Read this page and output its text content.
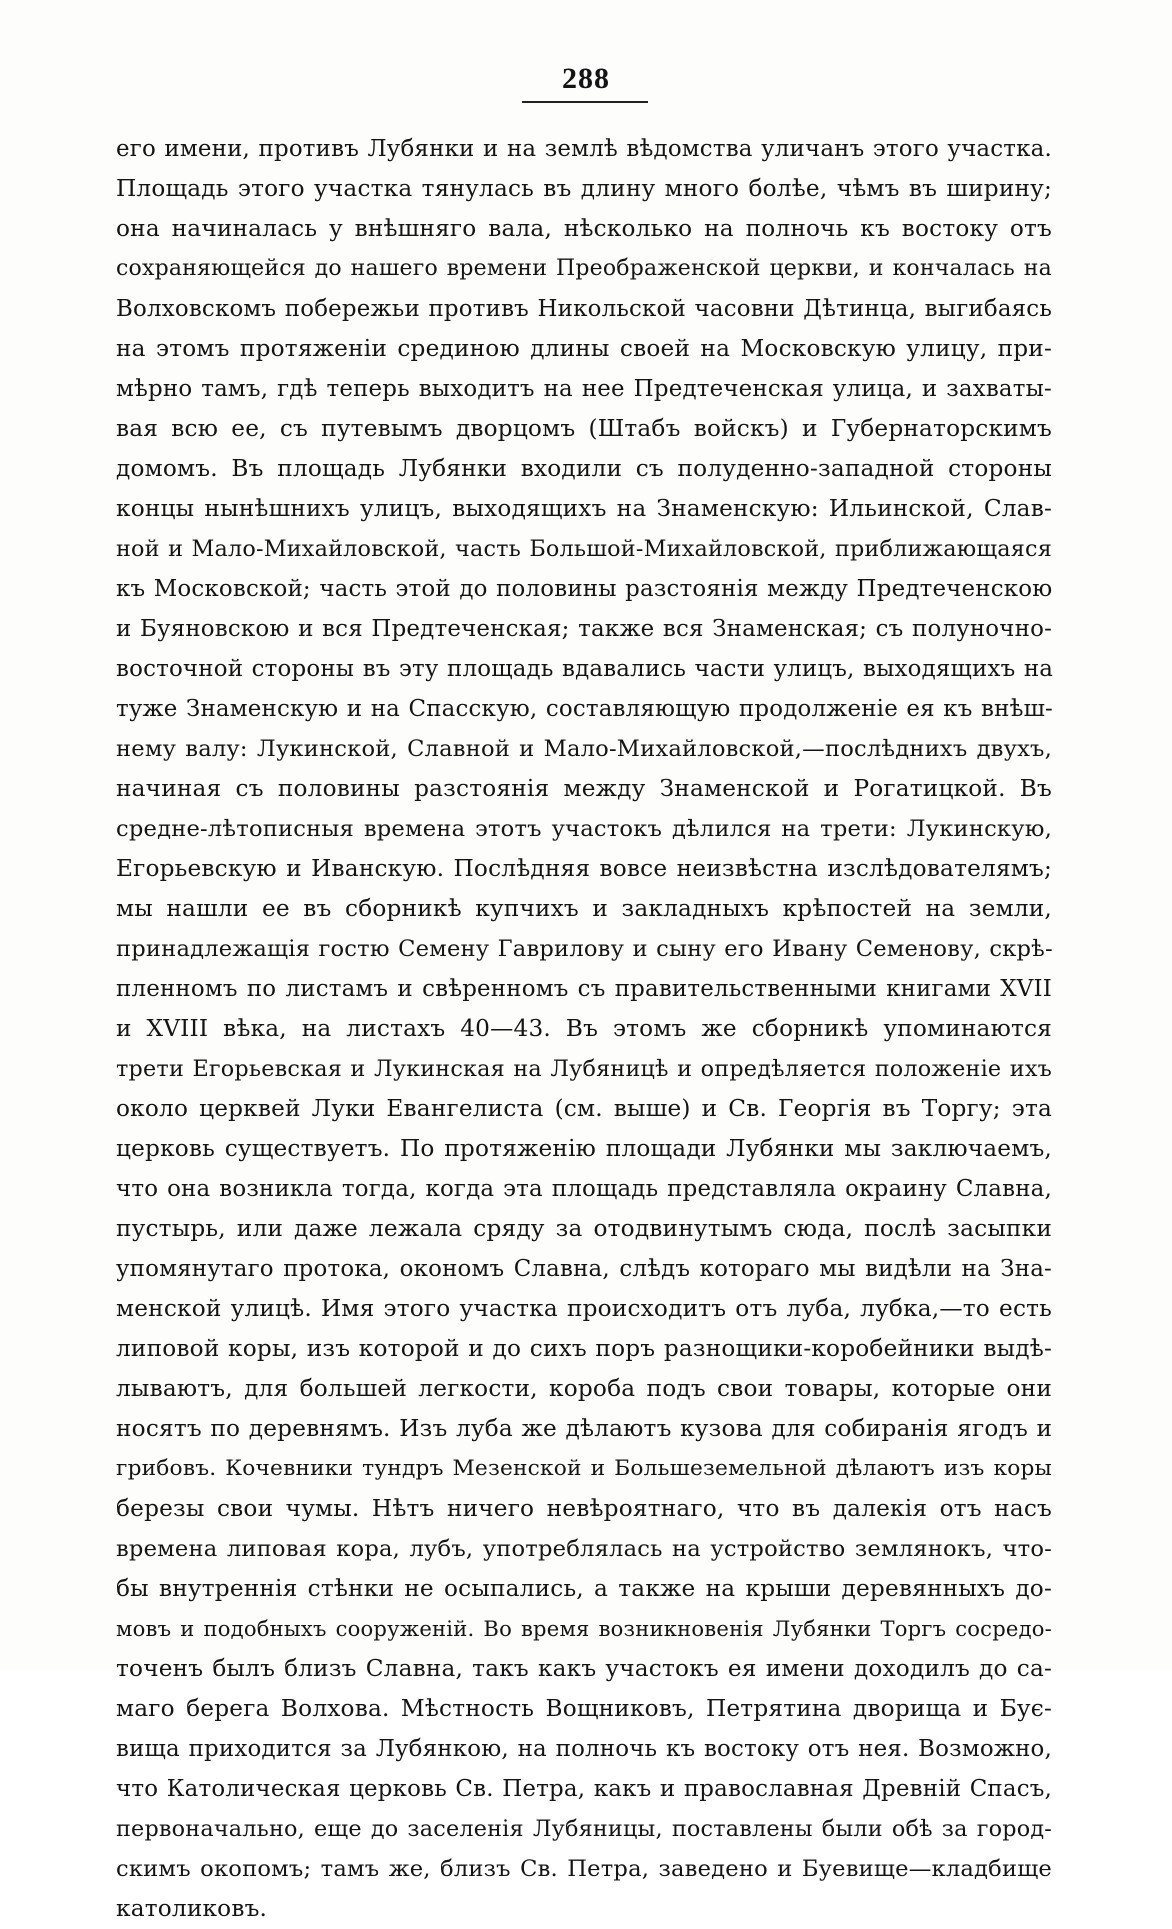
288
его имени, противъ Лубянки и на землѣ вѣдомства уличанъ этого участка.
Площадь этого участка тянулась въ длину много болѣе, чѣмъ въ ширину;
она начиналась у внѣшняго вала, нѣсколько на полночь къ востоку отъ
сохраняющейся до нашего времени Преображенской церкви, и кончалась на
Волховскомъ побережьи противъ Никольской часовни Дѣтинца, выгибаясь
на этомъ протяженiи срединою длины своей на Московскую улицу, при-
мѣрно тамъ, гдѣ теперь выходитъ на нее Предтеченская улица, и захваты-
вая всю ее, съ путевымъ дворцомъ (Штабъ войскъ) и Губернаторскимъ
домомъ. Въ площадь Лубянки входили съ полуденно-западной стороны
концы нынѣшнихъ улицъ, выходящихъ на Знаменскую: Ильинской, Слав-
ной и Мало-Михайловской, часть Большой-Михайловской, приближающаяся
къ Московской; часть этой до половины разстоянія между Предтеченскою
и Буяновскою и вся Предтеченская; также вся Знаменская; съ полуночно-
восточной стороны въ эту площадь вдавались части улицъ, выходящихъ на
туже Знаменскую и на Спасскую, составляющую продолженiе ея къ внѣш-
нему валу: Лукинской, Славной и Мало-Михайловской,—послѣднихъ двухъ,
начиная съ половины разстоянія между Знаменской и Рогатицкой. Въ
средне-лѣтописныя времена этотъ участокъ дѣлился на трети: Лукинскую,
Егорьевскую и Иванскую. Послѣдняя вовсе неизвѣстна изслѣдователямъ;
мы нашли ее въ сборникѣ купчихъ и закладныхъ крѣпостей на земли,
принадлежащія гостю Семену Гаврилову и сыну его Ивану Семенову, скрѣ-
пленномъ по листамъ и свѣренномъ съ правительственными книгами XVII
и XVIII вѣка, на листахъ 40—43. Въ этомъ же сборникѣ упоминаются
трети Егорьевская и Лукинская на Лубяницѣ и опредѣляется положенiе ихъ
около церквей Луки Евангелиста (см. выше) и Св. Георгія въ Торгу; эта
церковь существуетъ. По протяженiю площади Лубянки мы заключаемъ,
что она возникла тогда, когда эта площадь представляла окраину Славна,
пустырь, или даже лежала сряду за отодвинутымъ сюда, послѣ засыпки
упомянутаго протока, окономъ Славна, слѣдъ котораго мы видѣли на Зна-
менской улицѣ. Имя этого участка происходитъ отъ луба, лубка,—то есть
липовой коры, изъ которой и до сихъ поръ разнощики-коробейники выдѣ-
лываютъ, для большей легкости, короба подъ свои товары, которые они
носятъ по деревнямъ. Изъ луба же дѣлаютъ кузова для собиранія ягодъ и
грибовъ. Кочевники тундръ Мезенской и Большеземельной дѣлаютъ изъ коры
березы свои чумы. Нѣтъ ничего невѣроятнаго, что въ далекія отъ насъ
времена липовая кора, лубъ, употреблялась на устройство землянокъ, что-
бы внутреннія стѣнки не осыпались, а также на крыши деревянныхъ до-
мовъ и подобныхъ сооруженiй. Во время возникновенія Лубянки Торгъ сосредо-
точенъ былъ близъ Славна, такъ какъ участокъ ея имени доходилъ до са-
маго берега Волхова. Мѣстность Вощниковъ, Петрятина дворища и Бує-
вища приходится за Лубянкою, на полночь къ востоку отъ нея. Возможно,
что Католическая церковь Св. Петра, какъ и православная Древнiй Спасъ,
первоначально, еще до заселенія Лубяницы, поставлены были обѣ за город-
скимъ окопомъ; тамъ же, близъ Св. Петра, заведено и Буевище—кладбище
католиковъ.
